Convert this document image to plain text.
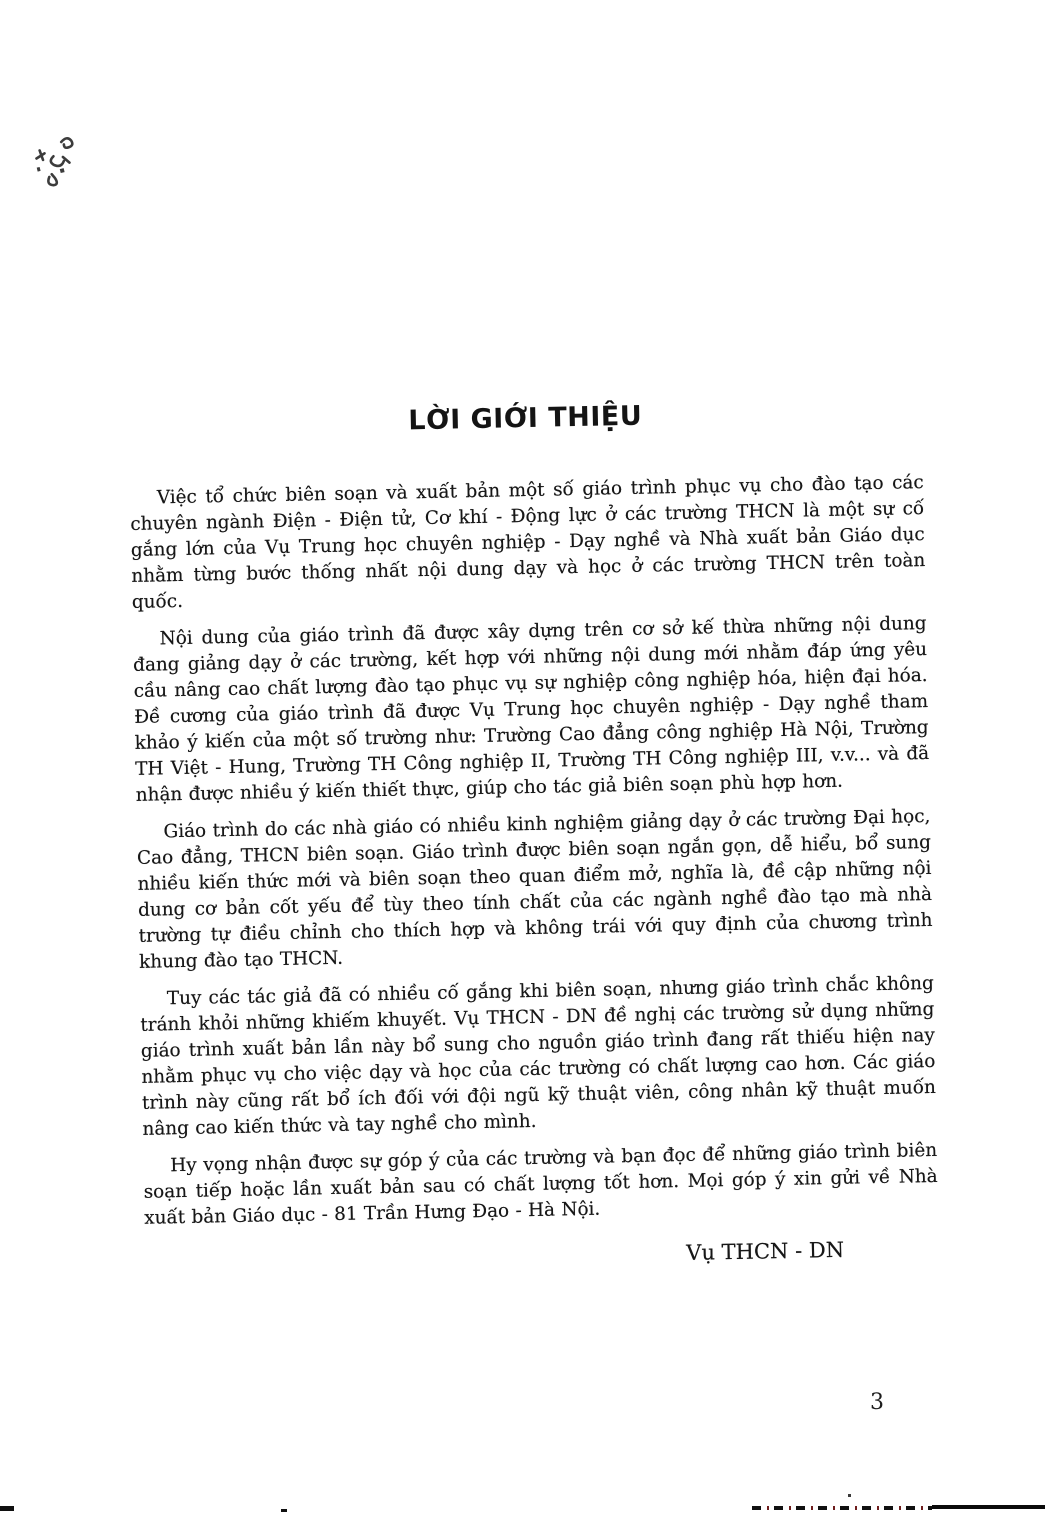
LỜI GIỚI THIỆU

Việc tổ chức biên soạn và xuất bản một số giáo trình phục vụ cho đào tạo các chuyên ngành Điện - Điện tử, Cơ khí - Động lực ở các trường THCN là một sự cố gắng lớn của Vụ Trung học chuyên nghiệp - Dạy nghề và Nhà xuất bản Giáo dục nhằm từng bước thống nhất nội dung dạy và học ở các trường THCN trên toàn quốc.

Nội dung của giáo trình đã được xây dựng trên cơ sở kế thừa những nội dung đang giảng dạy ở các trường, kết hợp với những nội dung mới nhằm đáp ứng yêu cầu nâng cao chất lượng đào tạo phục vụ sự nghiệp công nghiệp hóa, hiện đại hóa. Đề cương của giáo trình đã được Vụ Trung học chuyên nghiệp - Dạy nghề tham khảo ý kiến của một số trường như: Trường Cao đẳng công nghiệp Hà Nội, Trường TH Việt - Hung, Trường TH Công nghiệp II, Trường TH Công nghiệp III, v.v... và đã nhận được nhiều ý kiến thiết thực, giúp cho tác giả biên soạn phù hợp hơn.

Giáo trình do các nhà giáo có nhiều kinh nghiệm giảng dạy ở các trường Đại học, Cao đẳng, THCN biên soạn. Giáo trình được biên soạn ngắn gọn, dễ hiểu, bổ sung nhiều kiến thức mới và biên soạn theo quan điểm mở, nghĩa là, đề cập những nội dung cơ bản cốt yếu để tùy theo tính chất của các ngành nghề đào tạo mà nhà trường tự điều chỉnh cho thích hợp và không trái với quy định của chương trình khung đào tạo THCN.

Tuy các tác giả đã có nhiều cố gắng khi biên soạn, nhưng giáo trình chắc không tránh khỏi những khiếm khuyết. Vụ THCN - DN đề nghị các trường sử dụng những giáo trình xuất bản lần này bổ sung cho nguồn giáo trình đang rất thiếu hiện nay nhằm phục vụ cho việc dạy và học của các trường có chất lượng cao hơn. Các giáo trình này cũng rất bổ ích đối với đội ngũ kỹ thuật viên, công nhân kỹ thuật muốn nâng cao kiến thức và tay nghề cho mình.

Hy vọng nhận được sự góp ý của các trường và bạn đọc để những giáo trình biên soạn tiếp hoặc lần xuất bản sau có chất lượng tốt hơn. Mọi góp ý xin gửi về Nhà xuất bản Giáo dục - 81 Trần Hưng Đạo - Hà Nội.

Vụ THCN - DN
3
